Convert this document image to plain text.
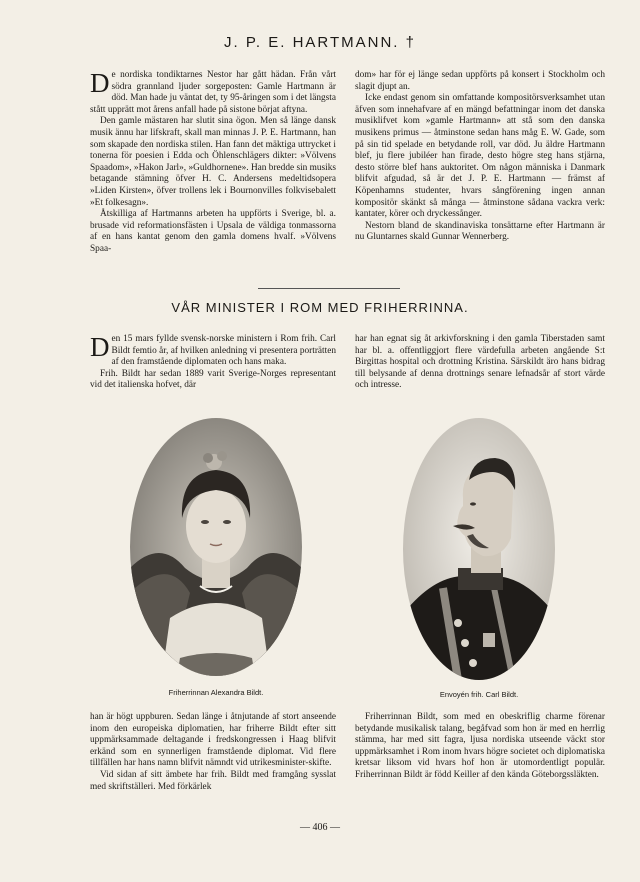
J. P. E. HARTMANN. †
D e nordiska tondiktarnes Nestor har gått hädan. Från vårt södra grannland ljuder sorgeposten: Gamle Hartmann är död. Man hade ju väntat det, ty 95-åringen som i det längsta stått upprätt mot årens anfall hade på sistone börjat aftyna.

Den gamle mästaren har slutit sina ögon. Men så länge dansk musik ännu har lifskraft, skall man minnas J. P. E. Hartmann, han som skapade den nordiska stilen. Han fann det mäktiga uttrycket i tonerna för poesien i Edda och Öhlenschlägers dikter: »Völvens Spaadom», »Hakon Jarl», »Guldhornene». Han bredde sin musiks betagande stämning öfver H. C. Andersens medeltidsopera »Liden Kirsten», öfver trollens lek i Bournonvilles folkvisebalett »Et folkesagn».

Åtskilliga af Hartmanns arbeten ha uppförts i Sverige, bl. a. brusade vid reformationsfästen i Upsala de väldiga tonmassorna af en hans kantat genom den gamla domens hvalf. »Völvens Spaa-

dom» har för ej länge sedan uppförts på konsert i Stockholm och slagit djupt an.

Icke endast genom sin omfattande kompositörsverksamhet utan äfven som innehafvare af en mängd befattningar inom det danska musiklifvet kom »gamle Hartmann» att stå som den danska musikens primus — åtminstone sedan hans måg E. W. Gade, som på sin tid spelade en betydande roll, var död. Ju äldre Hartmann blef, ju flere jubiléer han firade, desto högre steg hans stjärna, desto större blef hans auktoritet. Om någon människa i Danmark blifvit afgudad, så är det J. P. E. Hartmann — främst af Köpenhamns studenter, hvars sångförening ingen annan kompositör skänkt så många — åtminstone sådana vackra verk: kantater, körer och dryckessånger.

Nestorn bland de skandinaviska tonsättarne efter Hartmann är nu Gluntarnes skald Gunnar Wennerberg.

VÅR MINISTER I ROM MED FRIHERRINNA.
D en 15 mars fyllde svensk-norske ministern i Rom frih. Carl Bildt femtio år, af hvilken anledning vi presentera porträtten af den framstående diplomaten och hans maka.

Frih. Bildt har sedan 1889 varit Sverige-Norges representant vid det italienska hofvet, där

har han egnat sig åt arkivforskning i den gamla Tiberstaden samt har bl. a. offentliggjort flere värdefulla arbeten angående S:t Birgittas hospital och drottning Kristina. Särskildt äro hans bidrag till belysande af denna drottnings senare lefnadsår af stort värde och intresse.

Friherrinnan Alexandra Bildt.	Envoyén frih. Carl Bildt.

han är högt uppburen. Sedan länge i åtnjutande af stort anseende inom den europeiska diplomatien, har friherre Bildt efter sitt uppmärksammade deltagande i fredskongressen i Haag blifvit erkänd som en synnerligen framstående diplomat. Vid flere tillfällen har hans namn blifvit nämndt vid utrikesminister-skifte.

Vid sidan af sitt ämbete har frih. Bildt med framgång sysslat med skriftställeri. Med förkärlek

Friherrinnan Bildt, som med en obeskriflig charme förenar betydande musikalisk talang, begåfvad som hon är med en herrlig stämma, har med sitt fagra, ljusa nordiska utseende väckt stor uppmärksamhet i Rom inom hvars högre societet och diplomatiska kretsar liksom vid hvars hof hon är utomordentligt populär. Friherrinnan Bildt är född Keiller af den kända Göteborgssläkten.

— 406 —
